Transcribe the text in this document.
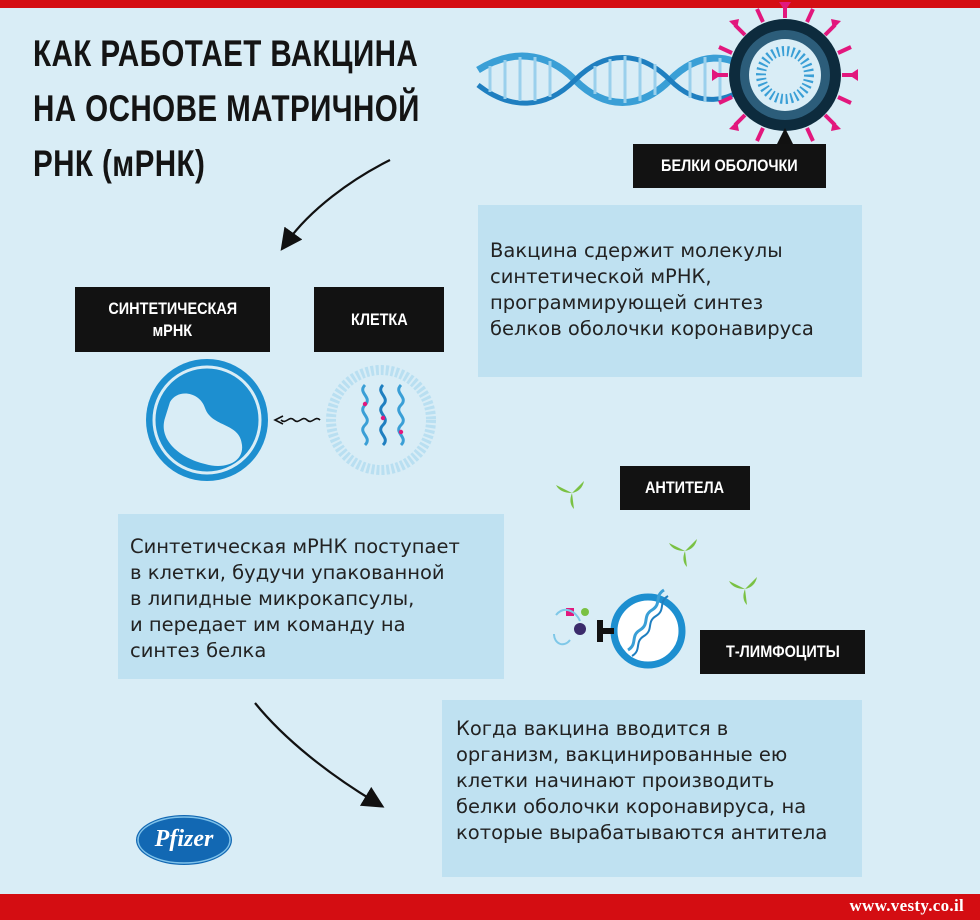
КАК РАБОТАЕТ ВАКЦИНА
НА ОСНОВЕ МАТРИЧНОЙ
РНК (мРНК)	БЕЛКИ ОБОЛОЧКИ
СИНТЕТИЧЕСКАЯ
мРНК
КЛЕТКА
АНТИТЕЛА
Т-ЛИМФОЦИТЫ

Вакцина сдержит молекулы

синтетической мРНК,

программирующей синтез

белков оболочки коронавируса

Синтетическая мРНК поступает

в клетки, будучи упакованной

в липидные микрокапсулы,

и передает им команду на

синтез белка

Когда вакцина вводится в

организм, вакцинированные ею

клетки начинают производить

белки оболочки коронавируса, на

которые вырабатываются антитела

Pfizer
www.vesty.co.il
